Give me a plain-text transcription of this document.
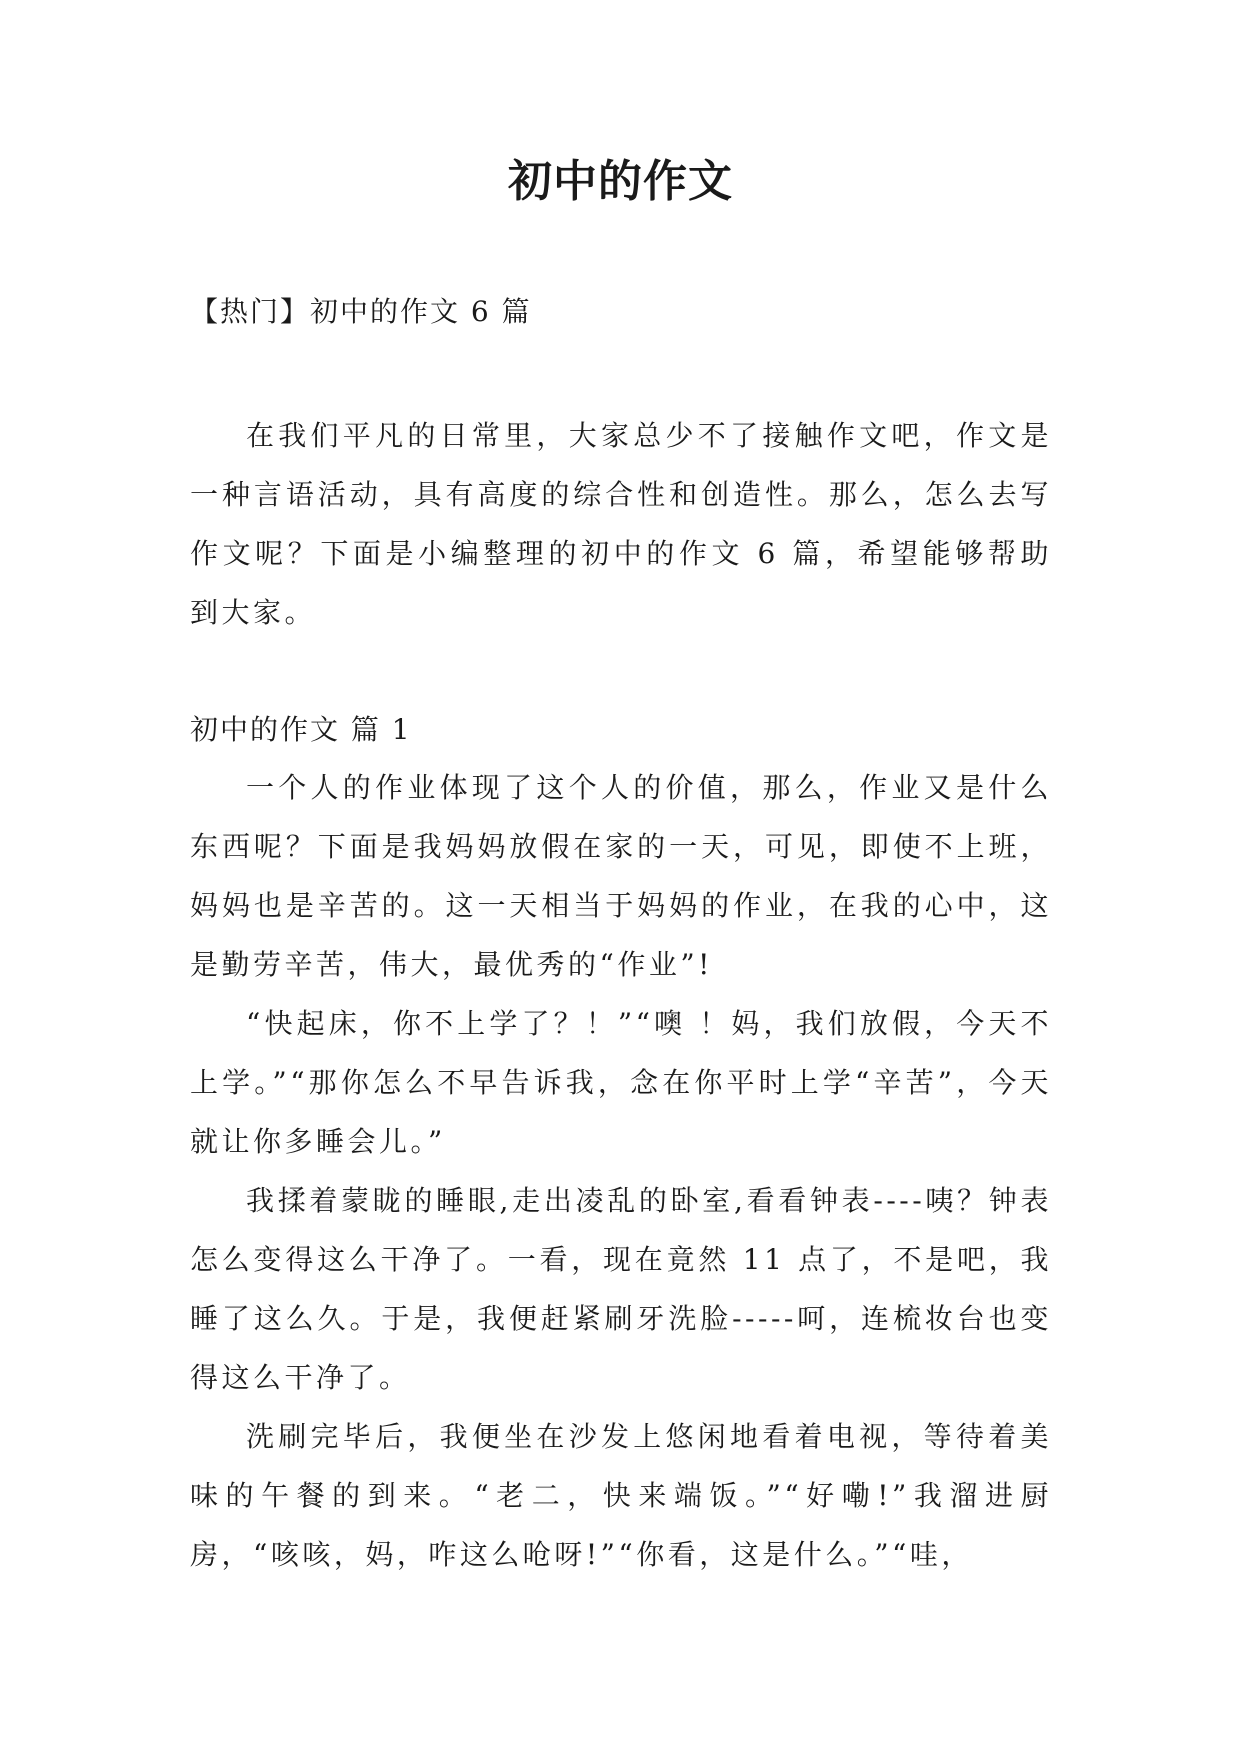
初中的作文
【热门】初中的作文 6 篇

在我们平凡的日常里，大家总少不了接触作文吧，作文是一种言语活动，具有高度的综合性和创造性。那么，怎么去写作文呢？下面是小编整理的初中的作文 6 篇，希望能够帮助到大家。

初中的作文 篇 1

一个人的作业体现了这个人的价值，那么，作业又是什么东西呢？下面是我妈妈放假在家的一天，可见，即使不上班，妈妈也是辛苦的。这一天相当于妈妈的作业，在我的心中，这是勤劳辛苦，伟大，最优秀的“作业”!

“快起床，你不上学了？！”“噢 ！妈，我们放假，今天不上学。”“那你怎么不早告诉我，念在你平时上学“辛苦”，今天就让你多睡会儿。”

我揉着蒙眬的睡眼,走出凌乱的卧室,看看钟表----咦？钟表怎么变得这么干净了。一看，现在竟然 11 点了，不是吧，我睡了这么久。于是，我便赶紧刷牙洗脸-----呵，连梳妆台也变得这么干净了。

洗刷完毕后，我便坐在沙发上悠闲地看着电视，等待着美味的午餐的到来。“老二，快来端饭。”“好嘞!”我溜进厨房，“咳咳，妈，咋这么呛呀!”“你看，这是什么。”“哇，
